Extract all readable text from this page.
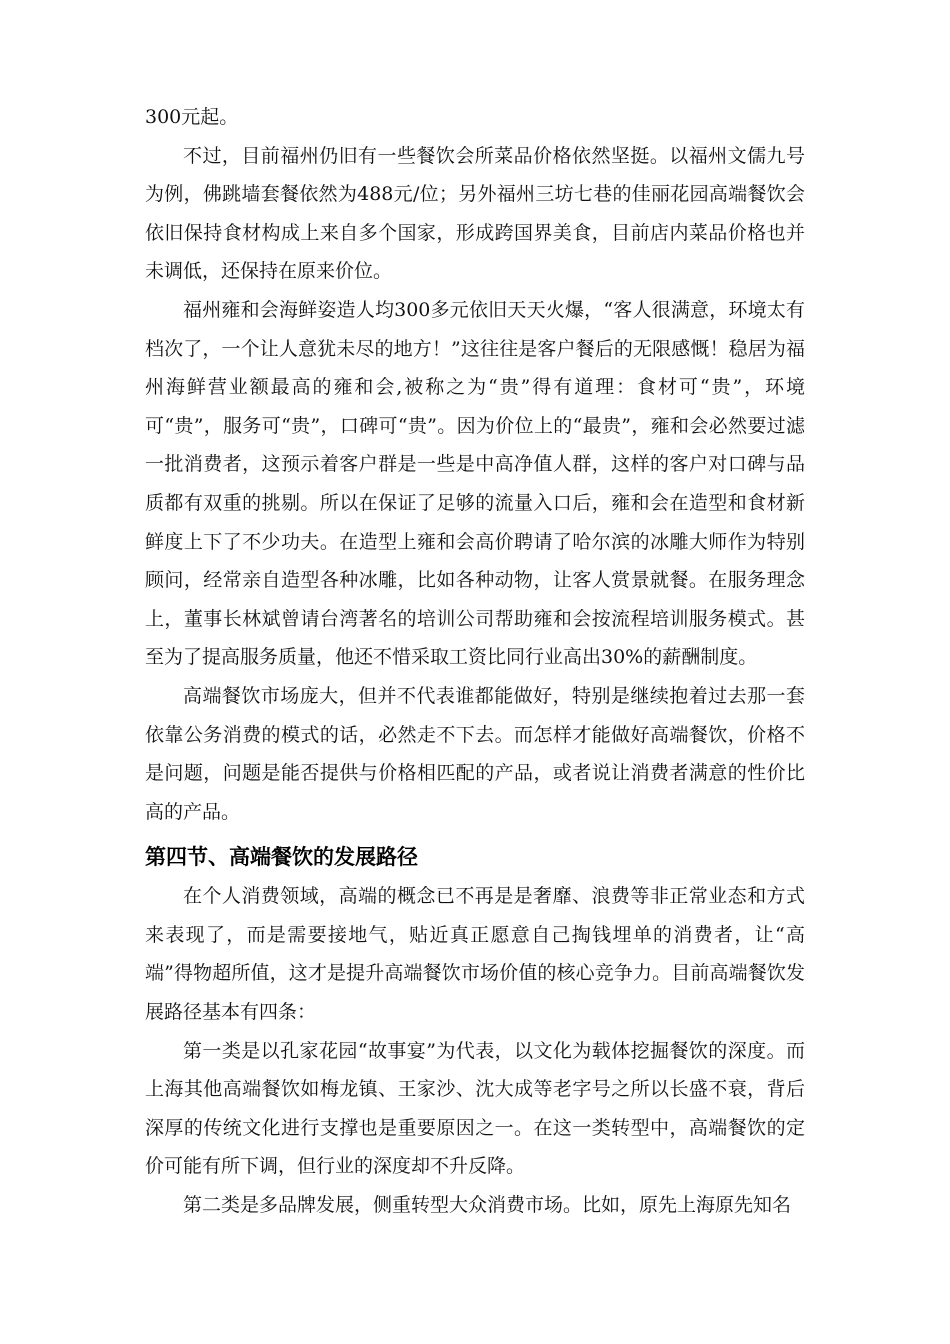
300元起。

不过，目前福州仍旧有一些餐饮会所菜品价格依然坚挺。以福州文儒九号为例，佛跳墙套餐依然为488元/位；另外福州三坊七巷的佳丽花园高端餐饮会依旧保持食材构成上来自多个国家，形成跨国界美食，目前店内菜品价格也并未调低，还保持在原来价位。

福州雍和会海鲜姿造人均300多元依旧天天火爆，“客人很满意，环境太有档次了，一个让人意犹未尽的地方！”这往往是客户餐后的无限感慨！稳居为福州海鲜营业额最高的雍和会,被称之为“贵”得有道理：食材可“贵”，环境可“贵”，服务可“贵”，口碑可“贵”。因为价位上的“最贵”，雍和会必然要过滤一批消费者，这预示着客户群是一些是中高净值人群，这样的客户对口碑与品质都有双重的挑剔。所以在保证了足够的流量入口后，雍和会在造型和食材新鲜度上下了不少功夫。在造型上雍和会高价聘请了哈尔滨的冰雕大师作为特别顾问，经常亲自造型各种冰雕，比如各种动物，让客人赏景就餐。在服务理念上，董事长林斌曾请台湾著名的培训公司帮助雍和会按流程培训服务模式。甚至为了提高服务质量，他还不惜采取工资比同行业高出30%的薪酬制度。

高端餐饮市场庞大，但并不代表谁都能做好，特别是继续抱着过去那一套依靠公务消费的模式的话，必然走不下去。而怎样才能做好高端餐饮，价格不是问题，问题是能否提供与价格相匹配的产品，或者说让消费者满意的性价比高的产品。

第四节、高端餐饮的发展路径

在个人消费领域，高端的概念已不再是是奢靡、浪费等非正常业态和方式来表现了，而是需要接地气，贴近真正愿意自己掏钱埋单的消费者，让“高端”得物超所值，这才是提升高端餐饮市场价值的核心竞争力。目前高端餐饮发展路径基本有四条：

第一类是以孔家花园“故事宴”为代表，以文化为载体挖掘餐饮的深度。而上海其他高端餐饮如梅龙镇、王家沙、沈大成等老字号之所以长盛不衰，背后深厚的传统文化进行支撑也是重要原因之一。在这一类转型中，高端餐饮的定价可能有所下调，但行业的深度却不升反降。

第二类是多品牌发展，侧重转型大众消费市场。比如，原先上海原先知名
